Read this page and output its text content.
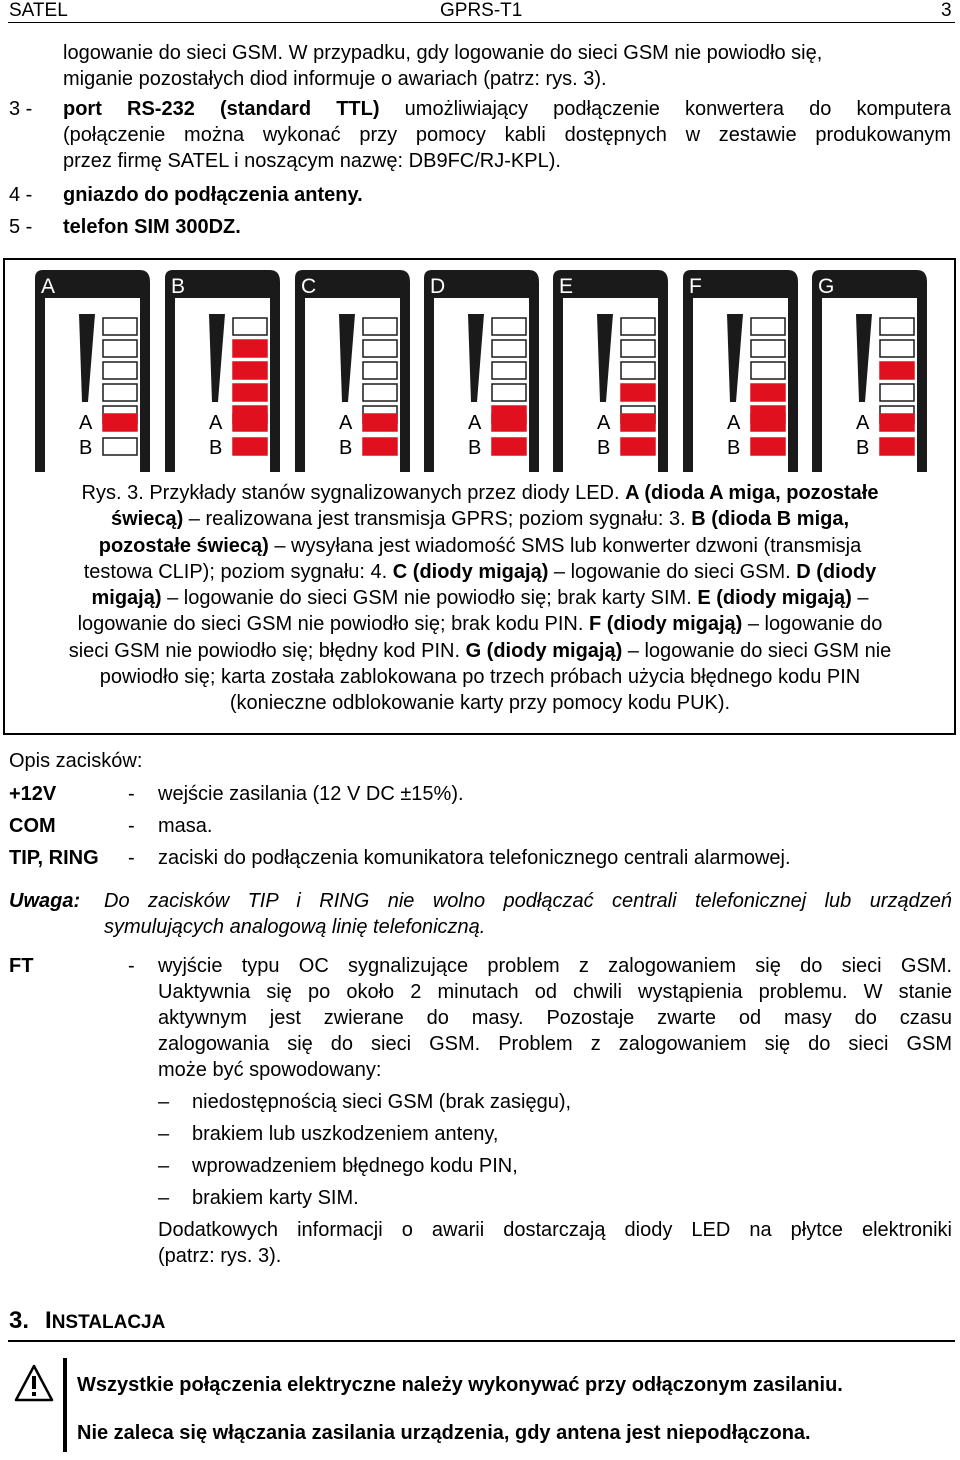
SATEL	GPRS-T1	3
logowanie do sieci GSM. W przypadku, gdy logowanie do sieci GSM nie powiodło się,
miganie pozostałych diod informuje o awariach (patrz: rys. 3).
3 - port RS-232 (standard TTL) umożliwiający podłączenie konwertera do komputera
(połączenie można wykonać przy pomocy kabli dostępnych w zestawie produkowanym
przez firmę SATEL i noszącym nazwę: DB9FC/RJ-KPL).
4 - gniazdo do podłączenia anteny.
5 - telefon SIM 300DZ.
A
A
B
B
A
B
C
A
B
D
A
B
E
A
B
F
A
B
G
A
B
Rys. 3. Przykłady stanów sygnalizowanych przez diody LED. A (dioda A miga, pozostałe
świecą) – realizowana jest transmisja GPRS; poziom sygnału: 3. B (dioda B miga,
pozostałe świecą) – wysyłana jest wiadomość SMS lub konwerter dzwoni (transmisja
testowa CLIP); poziom sygnału: 4. C (diody migają) – logowanie do sieci GSM. D (diody
migają) – logowanie do sieci GSM nie powiodło się; brak karty SIM. E (diody migają) –
logowanie do sieci GSM nie powiodło się; brak kodu PIN. F (diody migają) – logowanie do
sieci GSM nie powiodło się; błędny kod PIN. G (diody migają) – logowanie do sieci GSM nie
powiodło się; karta została zablokowana po trzech próbach użycia błędnego kodu PIN
(konieczne odblokowanie karty przy pomocy kodu PUK).
Opis zacisków:
+12V	- wejście zasilania (12 V DC ±15%).
COM	- masa.
TIP, RING - zaciski do podłączenia komunikatora telefonicznego centrali alarmowej.
Uwaga: Do zacisków TIP i RING nie wolno podłączać centrali telefonicznej lub urządzeń
symulujących analogową linię telefoniczną.
FT	- wyjście typu OC sygnalizujące problem z zalogowaniem się do sieci GSM.
Uaktywnia się po około 2 minutach od chwili wystąpienia problemu. W stanie
aktywnym jest zwierane do masy. Pozostaje zwarte od masy do czasu
zalogowania się do sieci GSM. Problem z zalogowaniem się do sieci GSM
może być spowodowany:
– niedostępnością sieci GSM (brak zasięgu),
– brakiem lub uszkodzeniem anteny,
– wprowadzeniem błędnego kodu PIN,
– brakiem karty SIM.
Dodatkowych informacji o awarii dostarczają diody LED na płytce elektroniki
(patrz: rys. 3).
3. INSTALACJA
Wszystkie połączenia elektryczne należy wykonywać przy odłączonym zasilaniu.
Nie zaleca się włączania zasilania urządzenia, gdy antena jest niepodłączona.
